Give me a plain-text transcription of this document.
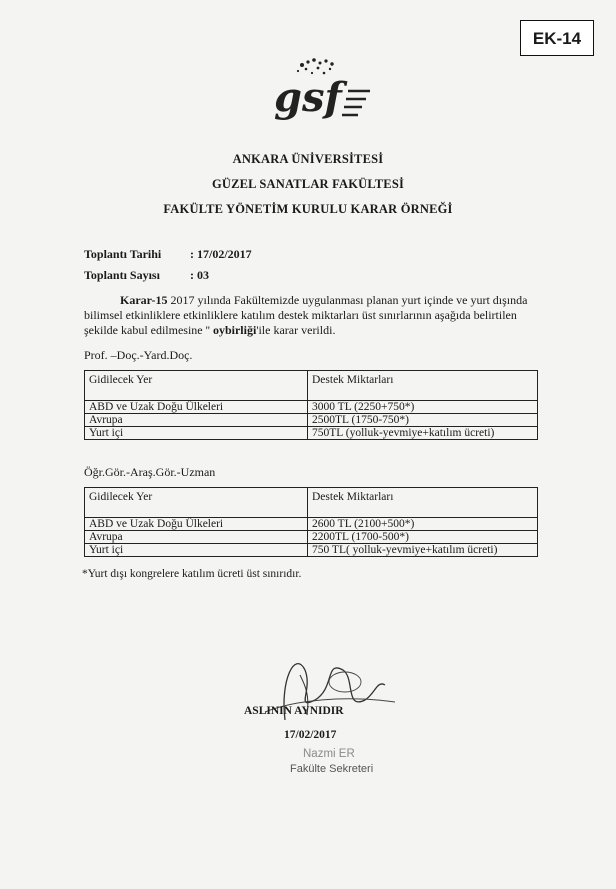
EK-14
gsf
ANKARA ÜNİVERSİTESİ
GÜZEL SANATLAR FAKÜLTESİ
FAKÜLTE YÖNETİM KURULU KARAR ÖRNEĞİ
Toplantı Tarihi : 17/02/2017
Toplantı Sayısı	: 03
Karar-15 2017 yılında Fakültemizde uygulanması planan yurt içinde ve yurt dışında
bilimsel etkinliklere etkinliklere katılım destek miktarları üst sınırlarının aşağıda belirtilen
şekilde kabul edilmesine '' oybirliği'ile karar verildi.
Prof. –Doç.-Yard.Doç.
Gidilecek Yer	Destek Miktarları
ABD ve Uzak Doğu Ülkeleri	3000 TL (2250+750*)
Avrupa	2500TL (1750-750*)
Yurt içi	750TL (yolluk-yevmiye+katılım ücreti)
Öğr.Gör.-Araş.Gör.-Uzman
Gidilecek Yer	Destek Miktarları
ABD ve Uzak Doğu Ülkeleri	2600 TL (2100+500*)
Avrupa	2200TL (1700-500*)
Yurt içi	750 TL( yolluk-yevmiye+katılım ücreti)
*Yurt dışı kongrelere katılım ücreti üst sınırıdır.
ASLININ AYNIDIR
17/02/2017
Nazmi ER
Fakülte Sekreteri
